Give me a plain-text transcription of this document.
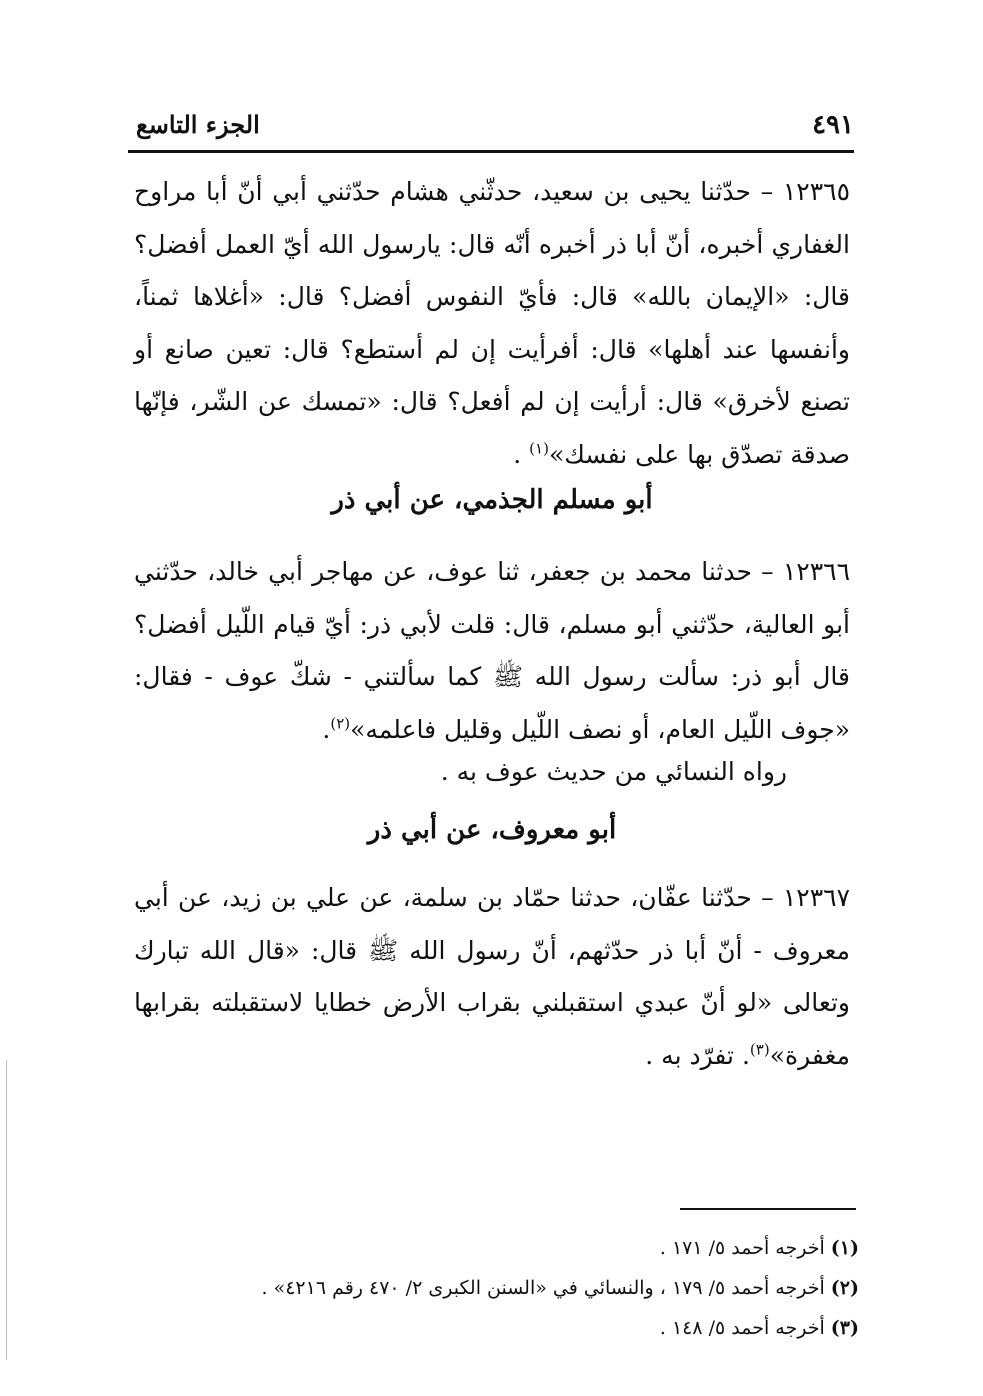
٤٩١
الجزء التاسع

١٢٣٦٥ – حدّثنا يحيى بن سعيد، حدثّني هشام حدّثني أبي أنّ أبا مراوح الغفاري أخبره، أنّ أبا ذر أخبره أنّه قال: يارسول الله أيّ العمل أفضل؟ قال: «الإيمان بالله» قال: فأيّ النفوس أفضل؟ قال: «أغلاها ثمناً، وأنفسها عند أهلها» قال: أفرأيت إن لم أستطع؟ قال: تعين صانع أو تصنع لأخرق» قال: أرأيت إن لم أفعل؟ قال: «تمسك عن الشّر، فإنّها صدقة تصدّق بها على نفسك»$^{(١)}$ .

أبو مسلم الجذمي، عن أبي ذر

١٢٣٦٦ – حدثنا محمد بن جعفر، ثنا عوف، عن مهاجر أبي خالد، حدّثني أبو العالية، حدّثني أبو مسلم، قال: قلت لأبي ذر: أيّ قيام اللّيل أفضل؟ قال أبو ذر: سألت رسول الله ﷺ كما سألتني - شكّ عوف - فقال: «جوف اللّيل العام، أو نصف اللّيل وقليل فاعلمه»$^{(٢)}$.

رواه النسائي من حديث عوف به .
أبو معروف، عن أبي ذر

١٢٣٦٧ – حدّثنا عفّان، حدثنا حمّاد بن سلمة، عن علي بن زيد، عن أبي معروف - أنّ أبا ذر حدّثهم، أنّ رسول الله ﷺ قال: «قال الله تبارك وتعالى «لو أنّ عبدي استقبلني بقراب الأرض خطايا لاستقبلته بقرابها مغفرة»$^{(٣)}$. تفرّد به .

(١) أخرجه أحمد ٥/ ١٧١ .
(٢) أخرجه أحمد ٥/ ١٧٩ ، والنسائي في «السنن الكبرى ٢/ ٤٧٠ رقم ٤٢١٦» .
(٣) أخرجه أحمد ٥/ ١٤٨ .
